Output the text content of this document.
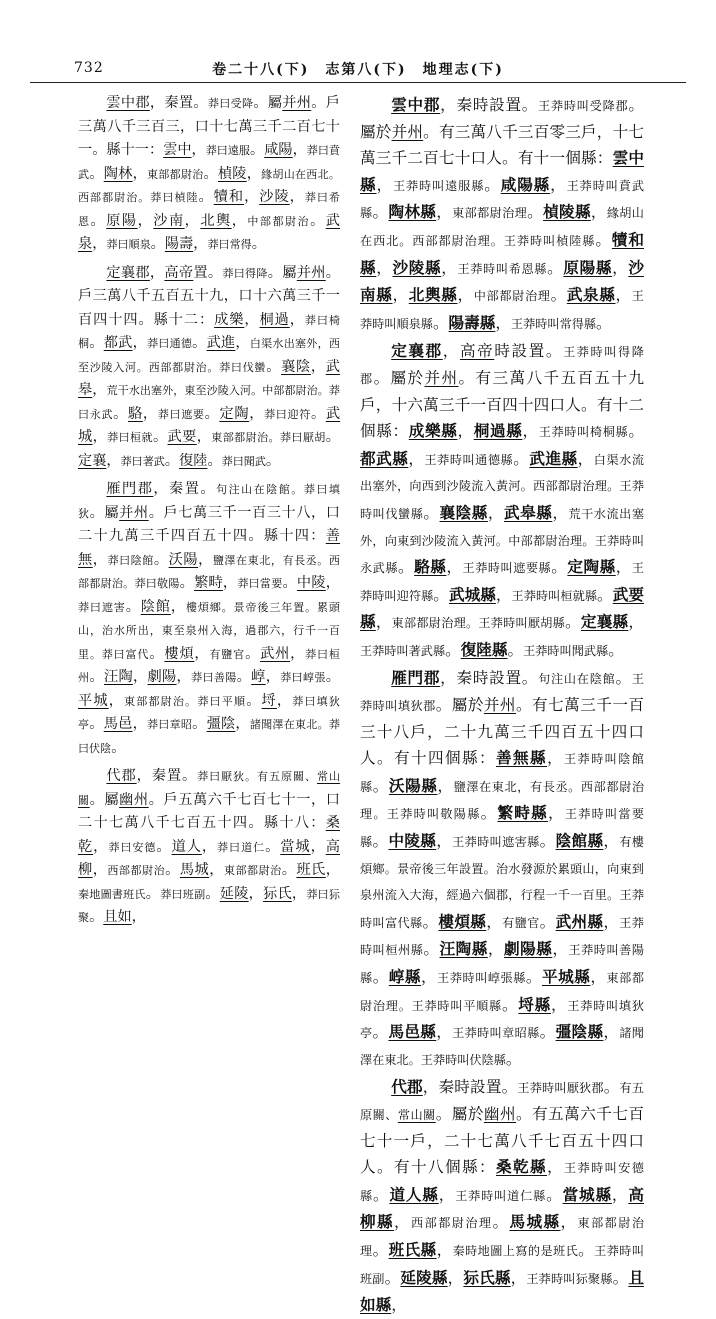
732	卷二十八(下)　志第八(下)　地理志(下)

雲中郡，秦置。莽曰受降。屬并州。戶三萬八千三百三，口十七萬三千二百七十一。縣十一：雲中，莽曰遠服。咸陽，莽曰賁武。陶林，東部都尉治。楨陵，緣胡山在西北。西部都尉治。莽曰楨陸。犢和，沙陵，莽曰希恩。原陽，沙南，北輿，中部都尉治。武泉，莽曰順泉。陽壽，莽曰常得。

定襄郡，高帝置。莽曰得降。屬并州。戶三萬八千五百五十九，口十六萬三千一百四十四。縣十二：成樂，桐過，莽曰椅桐。都武，莽曰通德。武進，白渠水出塞外，西至沙陵入河。西部都尉治。莽曰伐蠻。襄陰，武皋，荒干水出塞外，東至沙陵入河。中部都尉治。莽曰永武。駱，莽曰遮要。定陶，莽曰迎符。武城，莽曰桓就。武要，東部都尉治。莽曰厭胡。定襄，莽曰著武。復陸。莽曰聞武。

雁門郡，秦置。句注山在陰館。莽曰填狄。屬并州。戶七萬三千一百三十八，口二十九萬三千四百五十四。縣十四：善無，莽曰陰館。沃陽，鹽澤在東北，有長丞。西部都尉治。莽曰敬陽。繁畤，莽曰當要。中陵，莽曰遮害。陰館，樓煩鄉。景帝後三年置。累頭山，治水所出，東至泉州入海，過郡六，行千一百里。莽曰富代。樓煩，有鹽官。武州，莽曰桓州。汪陶，劇陽，莽曰善陽。崞，莽曰崞張。平城，東部都尉治。莽曰平順。埒，莽曰填狄亭。馬邑，莽曰章昭。彊陰，諸聞澤在東北。莽曰伏陰。

代郡，秦置。莽曰厭狄。有五原關、常山關。屬幽州。戶五萬六千七百七十一，口二十七萬八千七百五十四。縣十八：桑乾，莽曰安德。道人，莽曰道仁。當城，高柳，西部都尉治。馬城，東部都尉治。班氏，秦地圖書班氏。莽曰班副。延陵，狋氏，莽曰狋聚。且如，

雲中郡，秦時設置。王莽時叫受降郡。屬於并州。有三萬八千三百零三戶，十七萬三千二百七十口人。有十一個縣：雲中縣，王莽時叫遠服縣。咸陽縣，王莽時叫賁武縣。陶林縣，東部都尉治理。楨陵縣，緣胡山在西北。西部都尉治理。王莽時叫楨陸縣。犢和縣，沙陵縣，王莽時叫希恩縣。原陽縣，沙南縣，北輿縣，中部都尉治理。武泉縣，王莽時叫順泉縣。陽壽縣，王莽時叫常得縣。

定襄郡，高帝時設置。王莽時叫得降郡。屬於并州。有三萬八千五百五十九戶，十六萬三千一百四十四口人。有十二個縣：成樂縣，桐過縣，王莽時叫椅桐縣。都武縣，王莽時叫通德縣。武進縣，白渠水流出塞外，向西到沙陵流入黃河。西部都尉治理。王莽時叫伐蠻縣。襄陰縣，武皋縣，荒干水流出塞外，向東到沙陵流入黃河。中部都尉治理。王莽時叫永武縣。駱縣，王莽時叫遮要縣。定陶縣，王莽時叫迎符縣。武城縣，王莽時叫桓就縣。武要縣，東部都尉治理。王莽時叫厭胡縣。定襄縣，王莽時叫著武縣。復陸縣。王莽時叫聞武縣。

雁門郡，秦時設置。句注山在陰館。王莽時叫填狄郡。屬於并州。有七萬三千一百三十八戶，二十九萬三千四百五十四口人。有十四個縣：善無縣，王莽時叫陰館縣。沃陽縣，鹽澤在東北，有長丞。西部都尉治理。王莽時叫敬陽縣。繁畤縣，王莽時叫當要縣。中陵縣，王莽時叫遮害縣。陰館縣，有樓煩鄉。景帝後三年設置。治水發源於累頭山，向東到泉州流入大海，經過六個郡，行程一千一百里。王莽時叫富代縣。樓煩縣，有鹽官。武州縣，王莽時叫桓州縣。汪陶縣，劇陽縣，王莽時叫善陽縣。崞縣，王莽時叫崞張縣。平城縣，東部都尉治理。王莽時叫平順縣。埒縣，王莽時叫填狄亭。馬邑縣，王莽時叫章昭縣。彊陰縣，諸聞澤在東北。王莽時叫伏陰縣。

代郡，秦時設置。王莽時叫厭狄郡。有五原關、常山關。屬於幽州。有五萬六千七百七十一戶，二十七萬八千七百五十四口人。有十八個縣：桑乾縣，王莽時叫安德縣。道人縣，王莽時叫道仁縣。當城縣，高柳縣，西部都尉治理。馬城縣，東部都尉治理。班氏縣，秦時地圖上寫的是班氏。王莽時叫班副。延陵縣，狋氏縣，王莽時叫狋聚縣。且如縣，
